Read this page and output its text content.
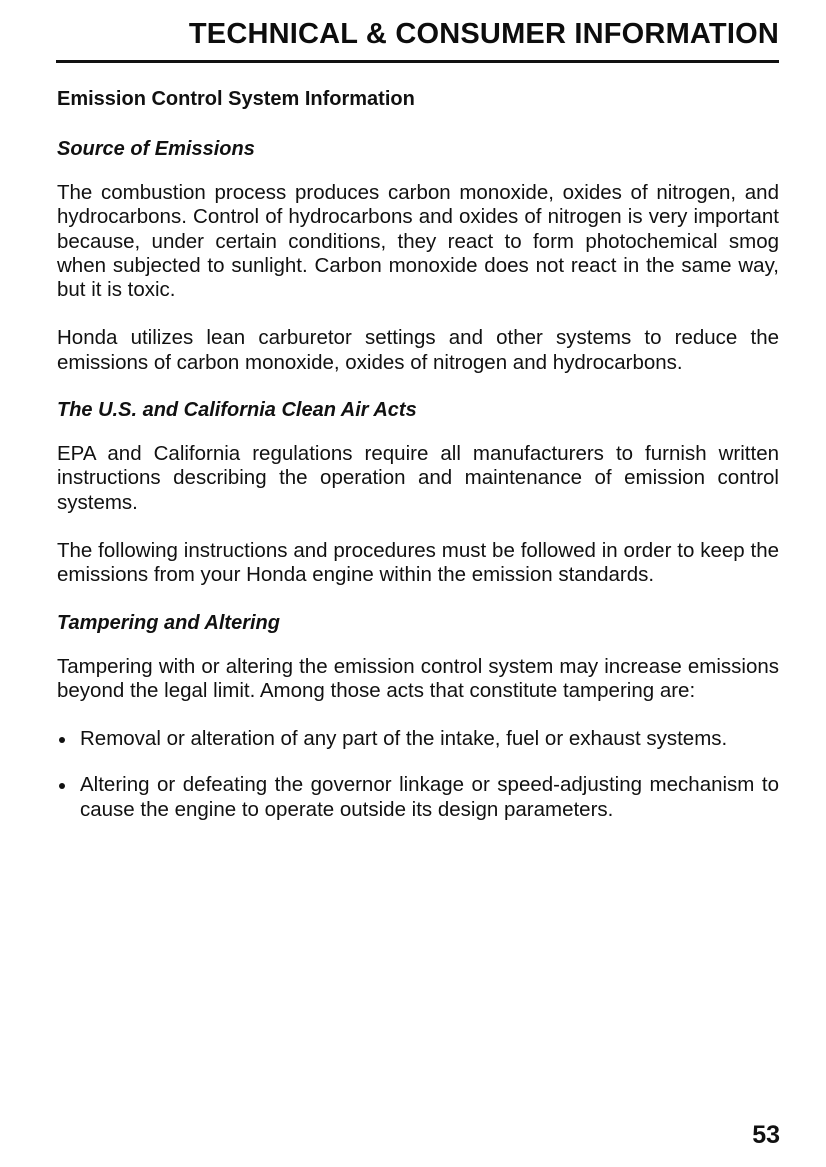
TECHNICAL & CONSUMER INFORMATION
Emission Control System Information
Source of Emissions

The combustion process produces carbon monoxide, oxides of nitrogen, and hydrocarbons. Control of hydrocarbons and oxides of nitrogen is very important because, under certain conditions, they react to form photochemical smog when subjected to sunlight. Carbon monoxide does not react in the same way, but it is toxic.

Honda utilizes lean carburetor settings and other systems to reduce the emissions of carbon monoxide, oxides of nitrogen and hydrocarbons.

The U.S. and California Clean Air Acts

EPA and California regulations require all manufacturers to furnish written instructions describing the operation and maintenance of emission control systems.

The following instructions and procedures must be followed in order to keep the emissions from your Honda engine within the emission standards.

Tampering and Altering

Tampering with or altering the emission control system may increase emissions beyond the legal limit. Among those acts that constitute tampering are:

Removal or alteration of any part of the intake, fuel or exhaust systems.
Altering or defeating the governor linkage or speed-adjusting mechanism to cause the engine to operate outside its design parameters.
53
